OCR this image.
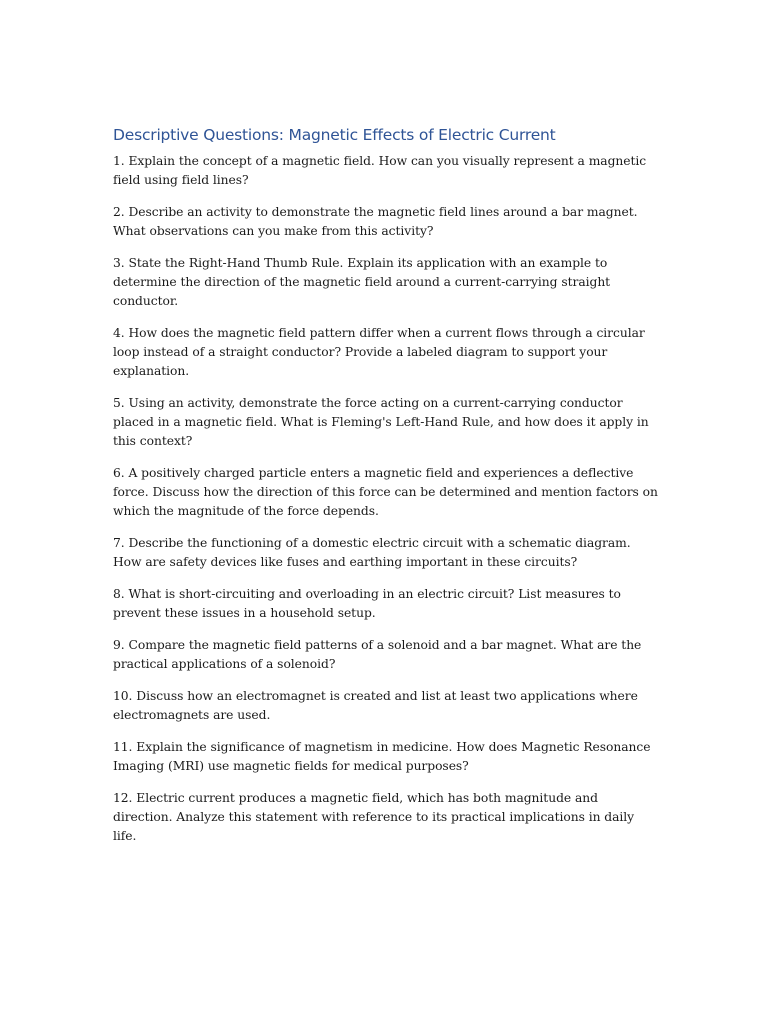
Descriptive Questions: Magnetic Effects of Electric Current

1. Explain the concept of a magnetic field. How can you visually represent a magnetic field using field lines?

2. Describe an activity to demonstrate the magnetic field lines around a bar magnet. What observations can you make from this activity?

3. State the Right-Hand Thumb Rule. Explain its application with an example to determine the direction of the magnetic field around a current-carrying straight conductor.

4. How does the magnetic field pattern differ when a current flows through a circular loop instead of a straight conductor? Provide a labeled diagram to support your explanation.

5. Using an activity, demonstrate the force acting on a current-carrying conductor placed in a magnetic field. What is Fleming's Left-Hand Rule, and how does it apply in this context?

6. A positively charged particle enters a magnetic field and experiences a deflective force. Discuss how the direction of this force can be determined and mention factors on which the magnitude of the force depends.

7. Describe the functioning of a domestic electric circuit with a schematic diagram. How are safety devices like fuses and earthing important in these circuits?

8. What is short-circuiting and overloading in an electric circuit? List measures to prevent these issues in a household setup.

9. Compare the magnetic field patterns of a solenoid and a bar magnet. What are the practical applications of a solenoid?

10. Discuss how an electromagnet is created and list at least two applications where electromagnets are used.

11. Explain the significance of magnetism in medicine. How does Magnetic Resonance Imaging (MRI) use magnetic fields for medical purposes?

12. Electric current produces a magnetic field, which has both magnitude and direction. Analyze this statement with reference to its practical implications in daily life.
